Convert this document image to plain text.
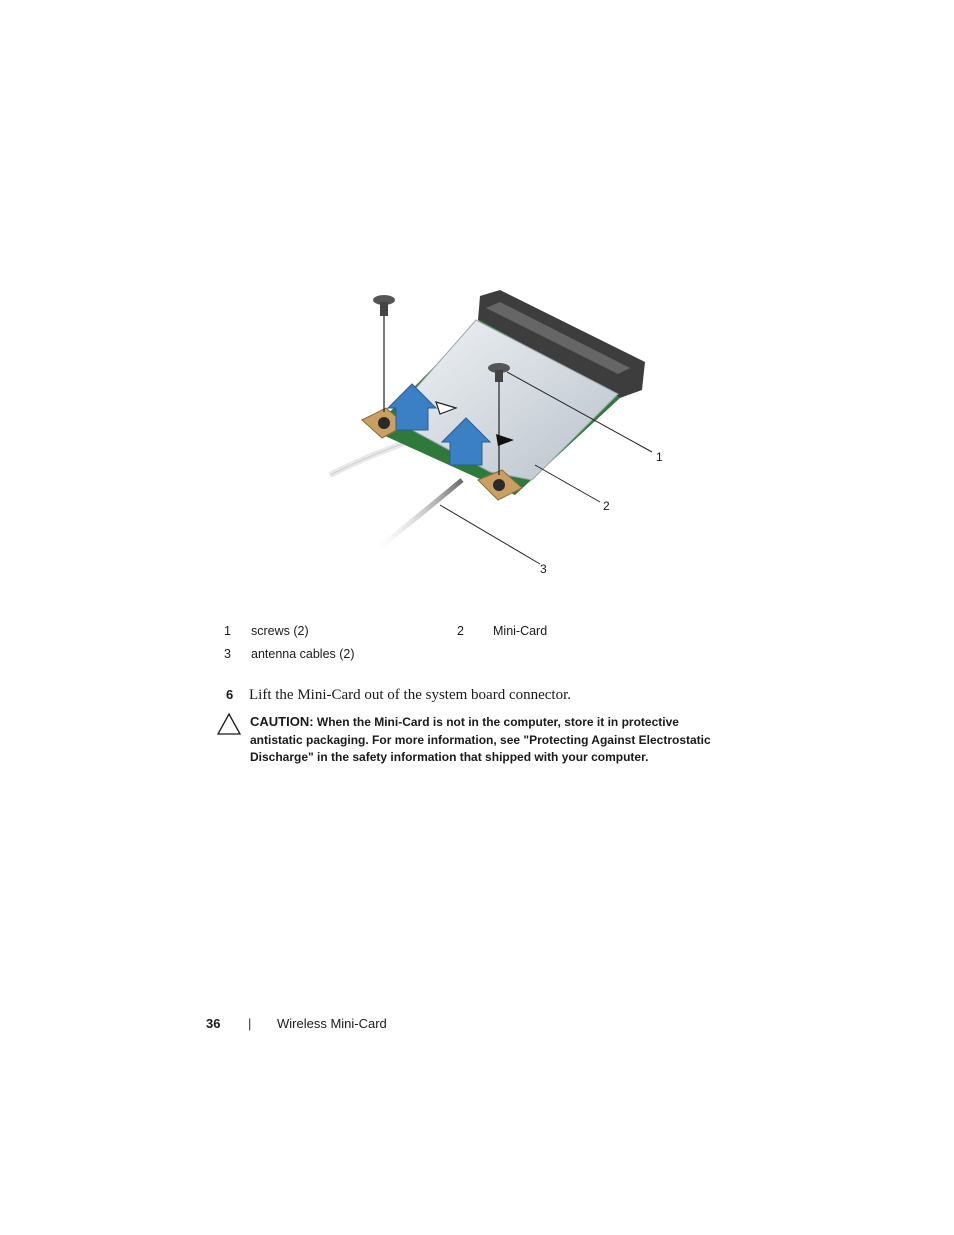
1
2
3
1 screws (2)	2 Mini-Card
3 antenna cables (2)
6 Lift the Mini-Card out of the system board connector.
CAUTION: When the Mini-Card is not in the computer, store it in protective antistatic packaging. For more information, see "Protecting Against Electrostatic Discharge" in the safety information that shipped with your computer.
36 | Wireless Mini-Card
